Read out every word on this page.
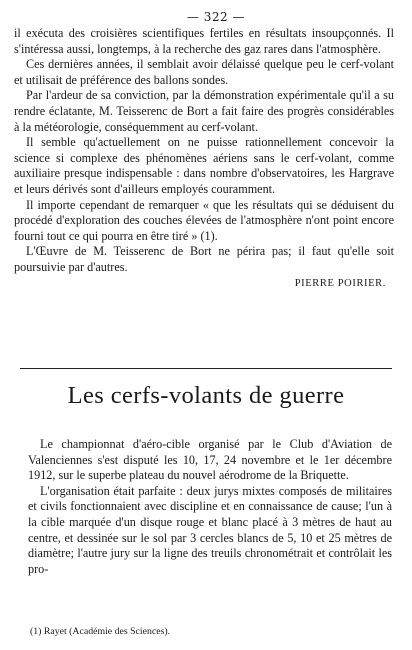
— 322 —

il exécuta des croisières scientifiques fertiles en résultats insoupçonnés. Il s'intéressa aussi, longtemps, à la recherche des gaz rares dans l'atmosphère.

Ces dernières années, il semblait avoir délaissé quelque peu le cerf-volant et utilisait de préférence des ballons sondes.

Par l'ardeur de sa conviction, par la démonstration expérimentale qu'il a su rendre éclatante, M. Teisserenc de Bort a fait faire des progrès considérables à la météorologie, conséquemment au cerf-volant.

Il semble qu'actuellement on ne puisse rationnellement concevoir la science si complexe des phénomènes aériens sans le cerf-volant, comme auxiliaire presque indispensable : dans nombre d'observatoires, les Hargrave et leurs dérivés sont d'ailleurs employés couramment.

Il importe cependant de remarquer « que les résultats qui se déduisent du procédé d'exploration des couches élevées de l'atmosphère n'ont point encore fourni tout ce qui pourra en être tiré » (1).

L'Œuvre de M. Teisserenc de Bort ne périra pas; il faut qu'elle soit poursuivie par d'autres.

PIERRE POIRIER.
Les cerfs-volants de guerre

Le championnat d'aéro-cible organisé par le Club d'Aviation de Valenciennes s'est disputé les 10, 17, 24 novembre et le 1er décembre 1912, sur le superbe plateau du nouvel aérodrome de la Briquette.

L'organisation était parfaite : deux jurys mixtes composés de militaires et civils fonctionnaient avec discipline et en connaissance de cause; l'un à la cible marquée d'un disque rouge et blanc placé à 3 mètres de haut au centre, et dessinée sur le sol par 3 cercles blancs de 5, 10 et 25 mètres de diamètre; l'autre jury sur la ligne des treuils chronométrait et contrôlait les pro-

(1) Rayet (Académie des Sciences).
